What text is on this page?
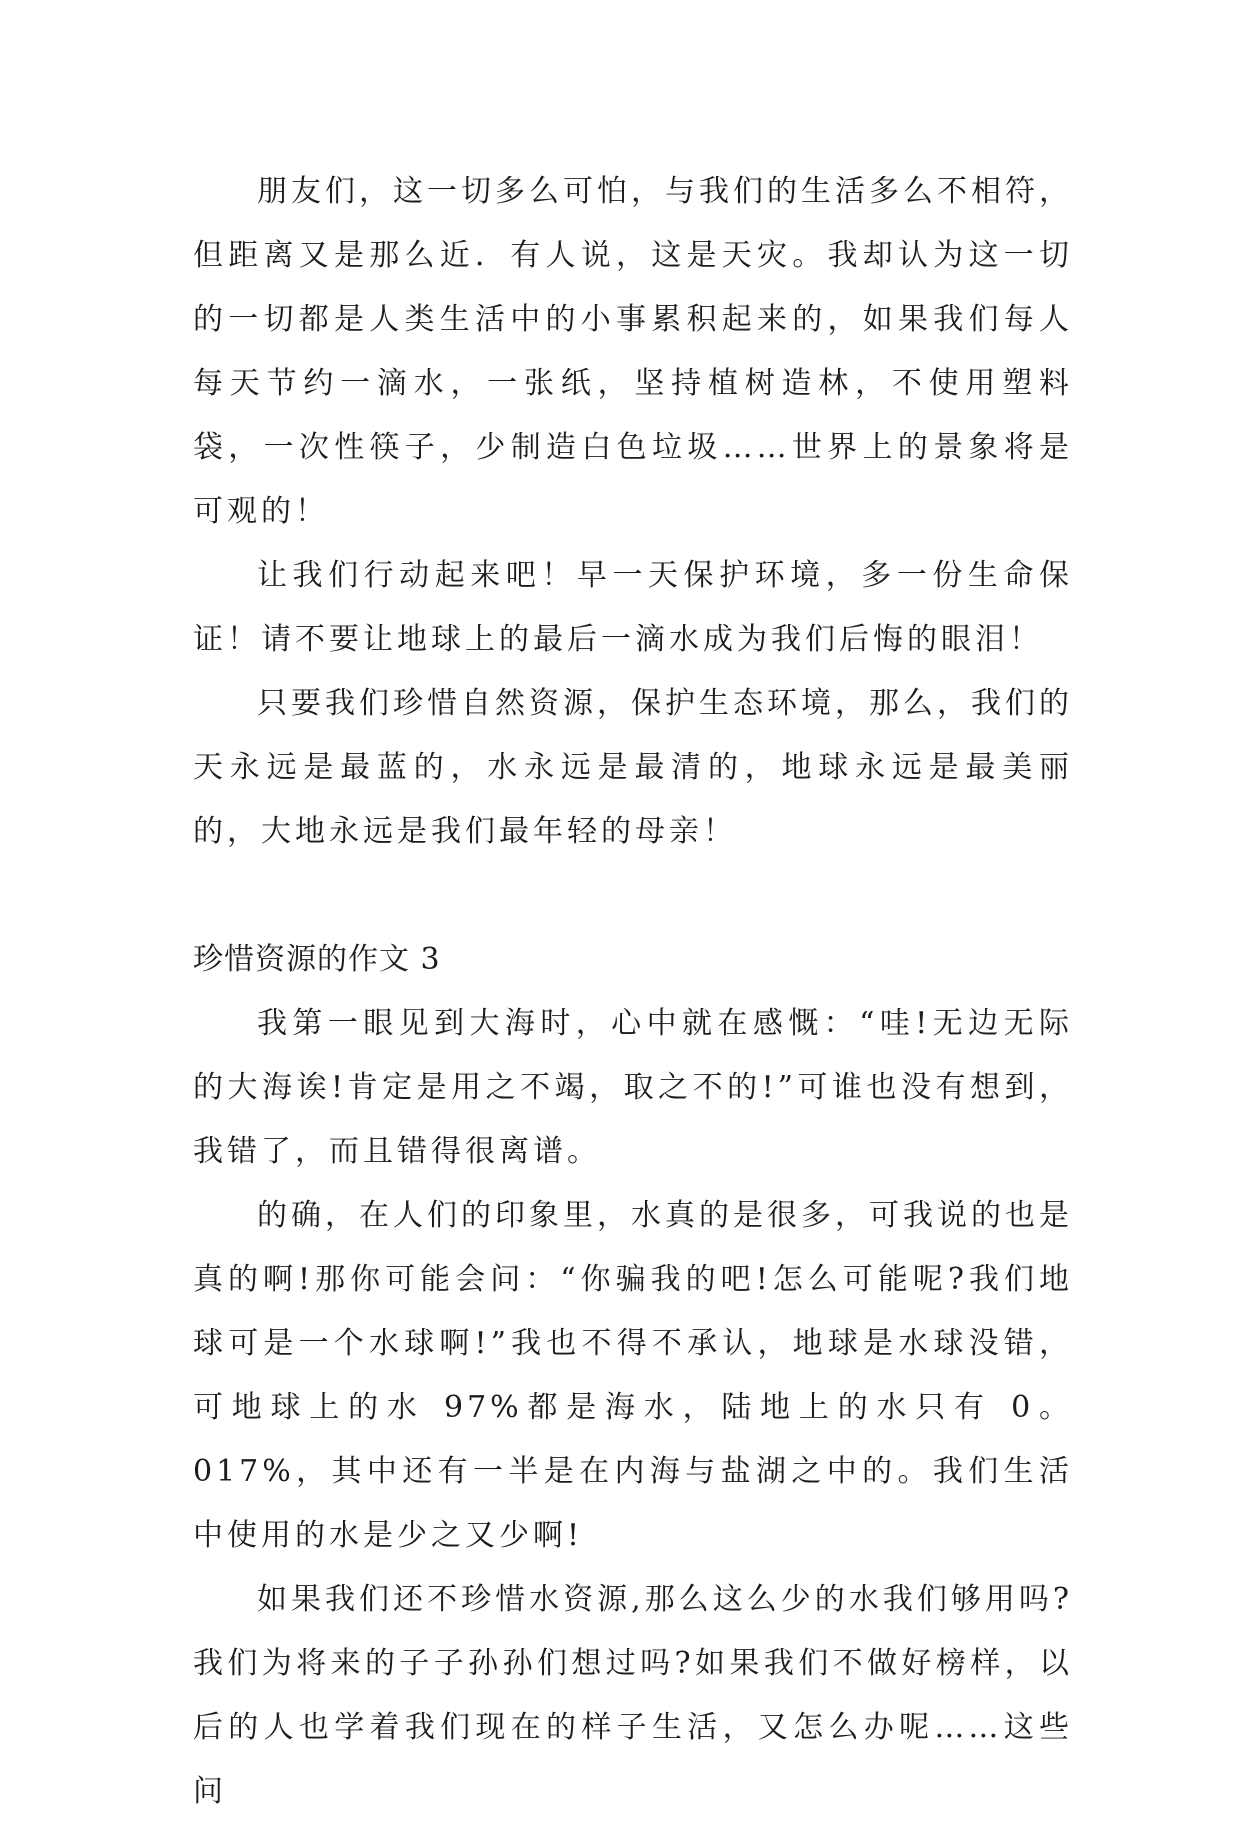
朋友们，这一切多么可怕，与我们的生活多么不相符，但距离又是那么近．有人说，这是天灾。我却认为这一切的一切都是人类生活中的小事累积起来的，如果我们每人每天节约一滴水，一张纸，坚持植树造林，不使用塑料袋，一次性筷子，少制造白色垃圾……世界上的景象将是可观的！

让我们行动起来吧！早一天保护环境，多一份生命保证！请不要让地球上的最后一滴水成为我们后悔的眼泪！

只要我们珍惜自然资源，保护生态环境，那么，我们的天永远是最蓝的，水永远是最清的，地球永远是最美丽的，大地永远是我们最年轻的母亲！

珍惜资源的作文 3

我第一眼见到大海时，心中就在感慨：“哇!无边无际的大海诶!肯定是用之不竭，取之不的!”可谁也没有想到，我错了，而且错得很离谱。

的确，在人们的印象里，水真的是很多，可我说的也是真的啊!那你可能会问：“你骗我的吧!怎么可能呢?我们地球可是一个水球啊!”我也不得不承认，地球是水球没错，可地球上的水 97%都是海水，陆地上的水只有 0。017%，其中还有一半是在内海与盐湖之中的。我们生活中使用的水是少之又少啊!

如果我们还不珍惜水资源,那么这么少的水我们够用吗?我们为将来的子子孙孙们想过吗?如果我们不做好榜样，以后的人也学着我们现在的样子生活，又怎么办呢……这些问
